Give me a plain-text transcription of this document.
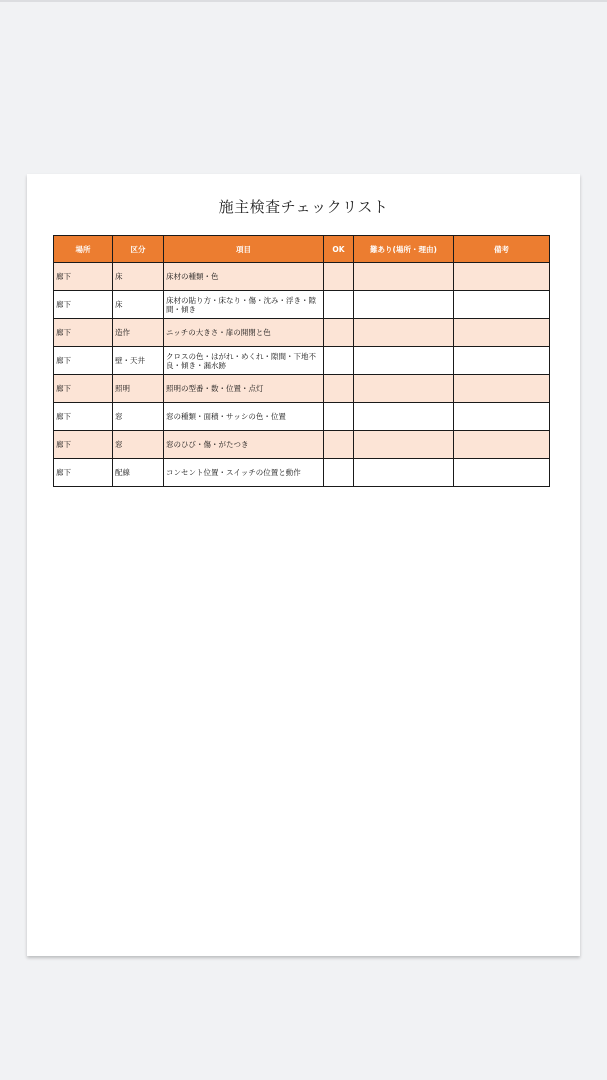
施主検査チェックリスト
場所	区分	項目	OK	難あり(場所・理由)	備考
廊下	床	床材の種類・色			
廊下	床	床材の貼り方・床なり・傷・沈み・浮き・隙間・傾き			
廊下	造作	ニッチの大きさ・扉の開閉と色			
廊下	壁・天井	クロスの色・はがれ・めくれ・隙間・下地不良・傾き・漏水跡			
廊下	照明	照明の型番・数・位置・点灯			
廊下	窓	窓の種類・面積・サッシの色・位置			
廊下	窓	窓のひび・傷・がたつき			
廊下	配線	コンセント位置・スイッチの位置と動作			
